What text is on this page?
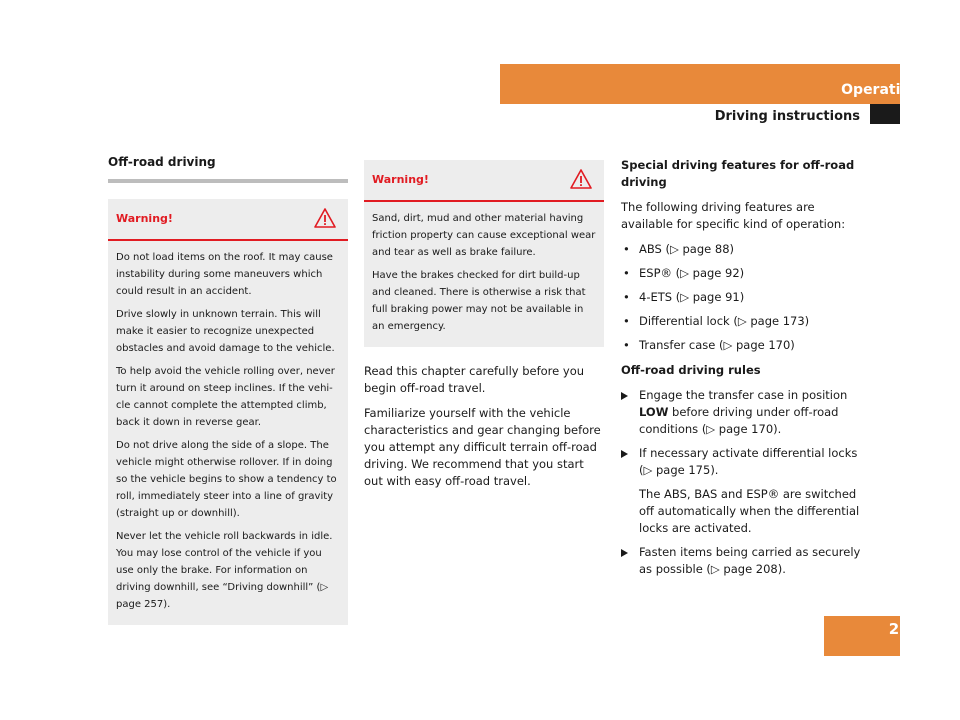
Operation
Driving instructions
Off-road driving
Warning!

Do not load items on the roof. It may cause instability during some maneuvers which could result in an accident.

Drive slowly in unknown terrain. This will make it easier to recognize unexpected obstacles and avoid damage to the vehicle.

To help avoid the vehicle rolling over, never turn it around on steep inclines. If the vehi-cle cannot complete the attempted climb, back it down in reverse gear.

Do not drive along the side of a slope. The vehicle might otherwise rollover. If in doing so the vehicle begins to show a tendency to roll, immediately steer into a line of gravity (straight up or downhill).

Never let the vehicle roll backwards in idle. You may lose control of the vehicle if you use only the brake. For information on driving downhill, see “Driving downhill” (▷ page 257).

Warning!

Sand, dirt, mud and other material having friction property can cause exceptional wear and tear as well as brake failure.

Have the brakes checked for dirt build-up and cleaned. There is otherwise a risk that full braking power may not be available in an emergency.

Read this chapter carefully before you begin off-road travel.

Familiarize yourself with the vehicle characteristics and gear changing before you attempt any difficult terrain off-road driving. We recommend that you start out with easy off-road travel.

Special driving features for off-road driving

The following driving features are available for specific kind of operation:

• ABS (▷ page 88)
• ESP® (▷ page 92)
• 4-ETS (▷ page 91)
• Differential lock (▷ page 173)
• Transfer case (▷ page 170)

Off-road driving rules

Engage the transfer case in position LOW before driving under off-road conditions (▷ page 170).
If necessary activate differential locks (▷ page 175).

The ABS, BAS and ESP® are switched off automatically when the differential locks are activated.

Fasten items being carried as securely as possible (▷ page 208).
253
